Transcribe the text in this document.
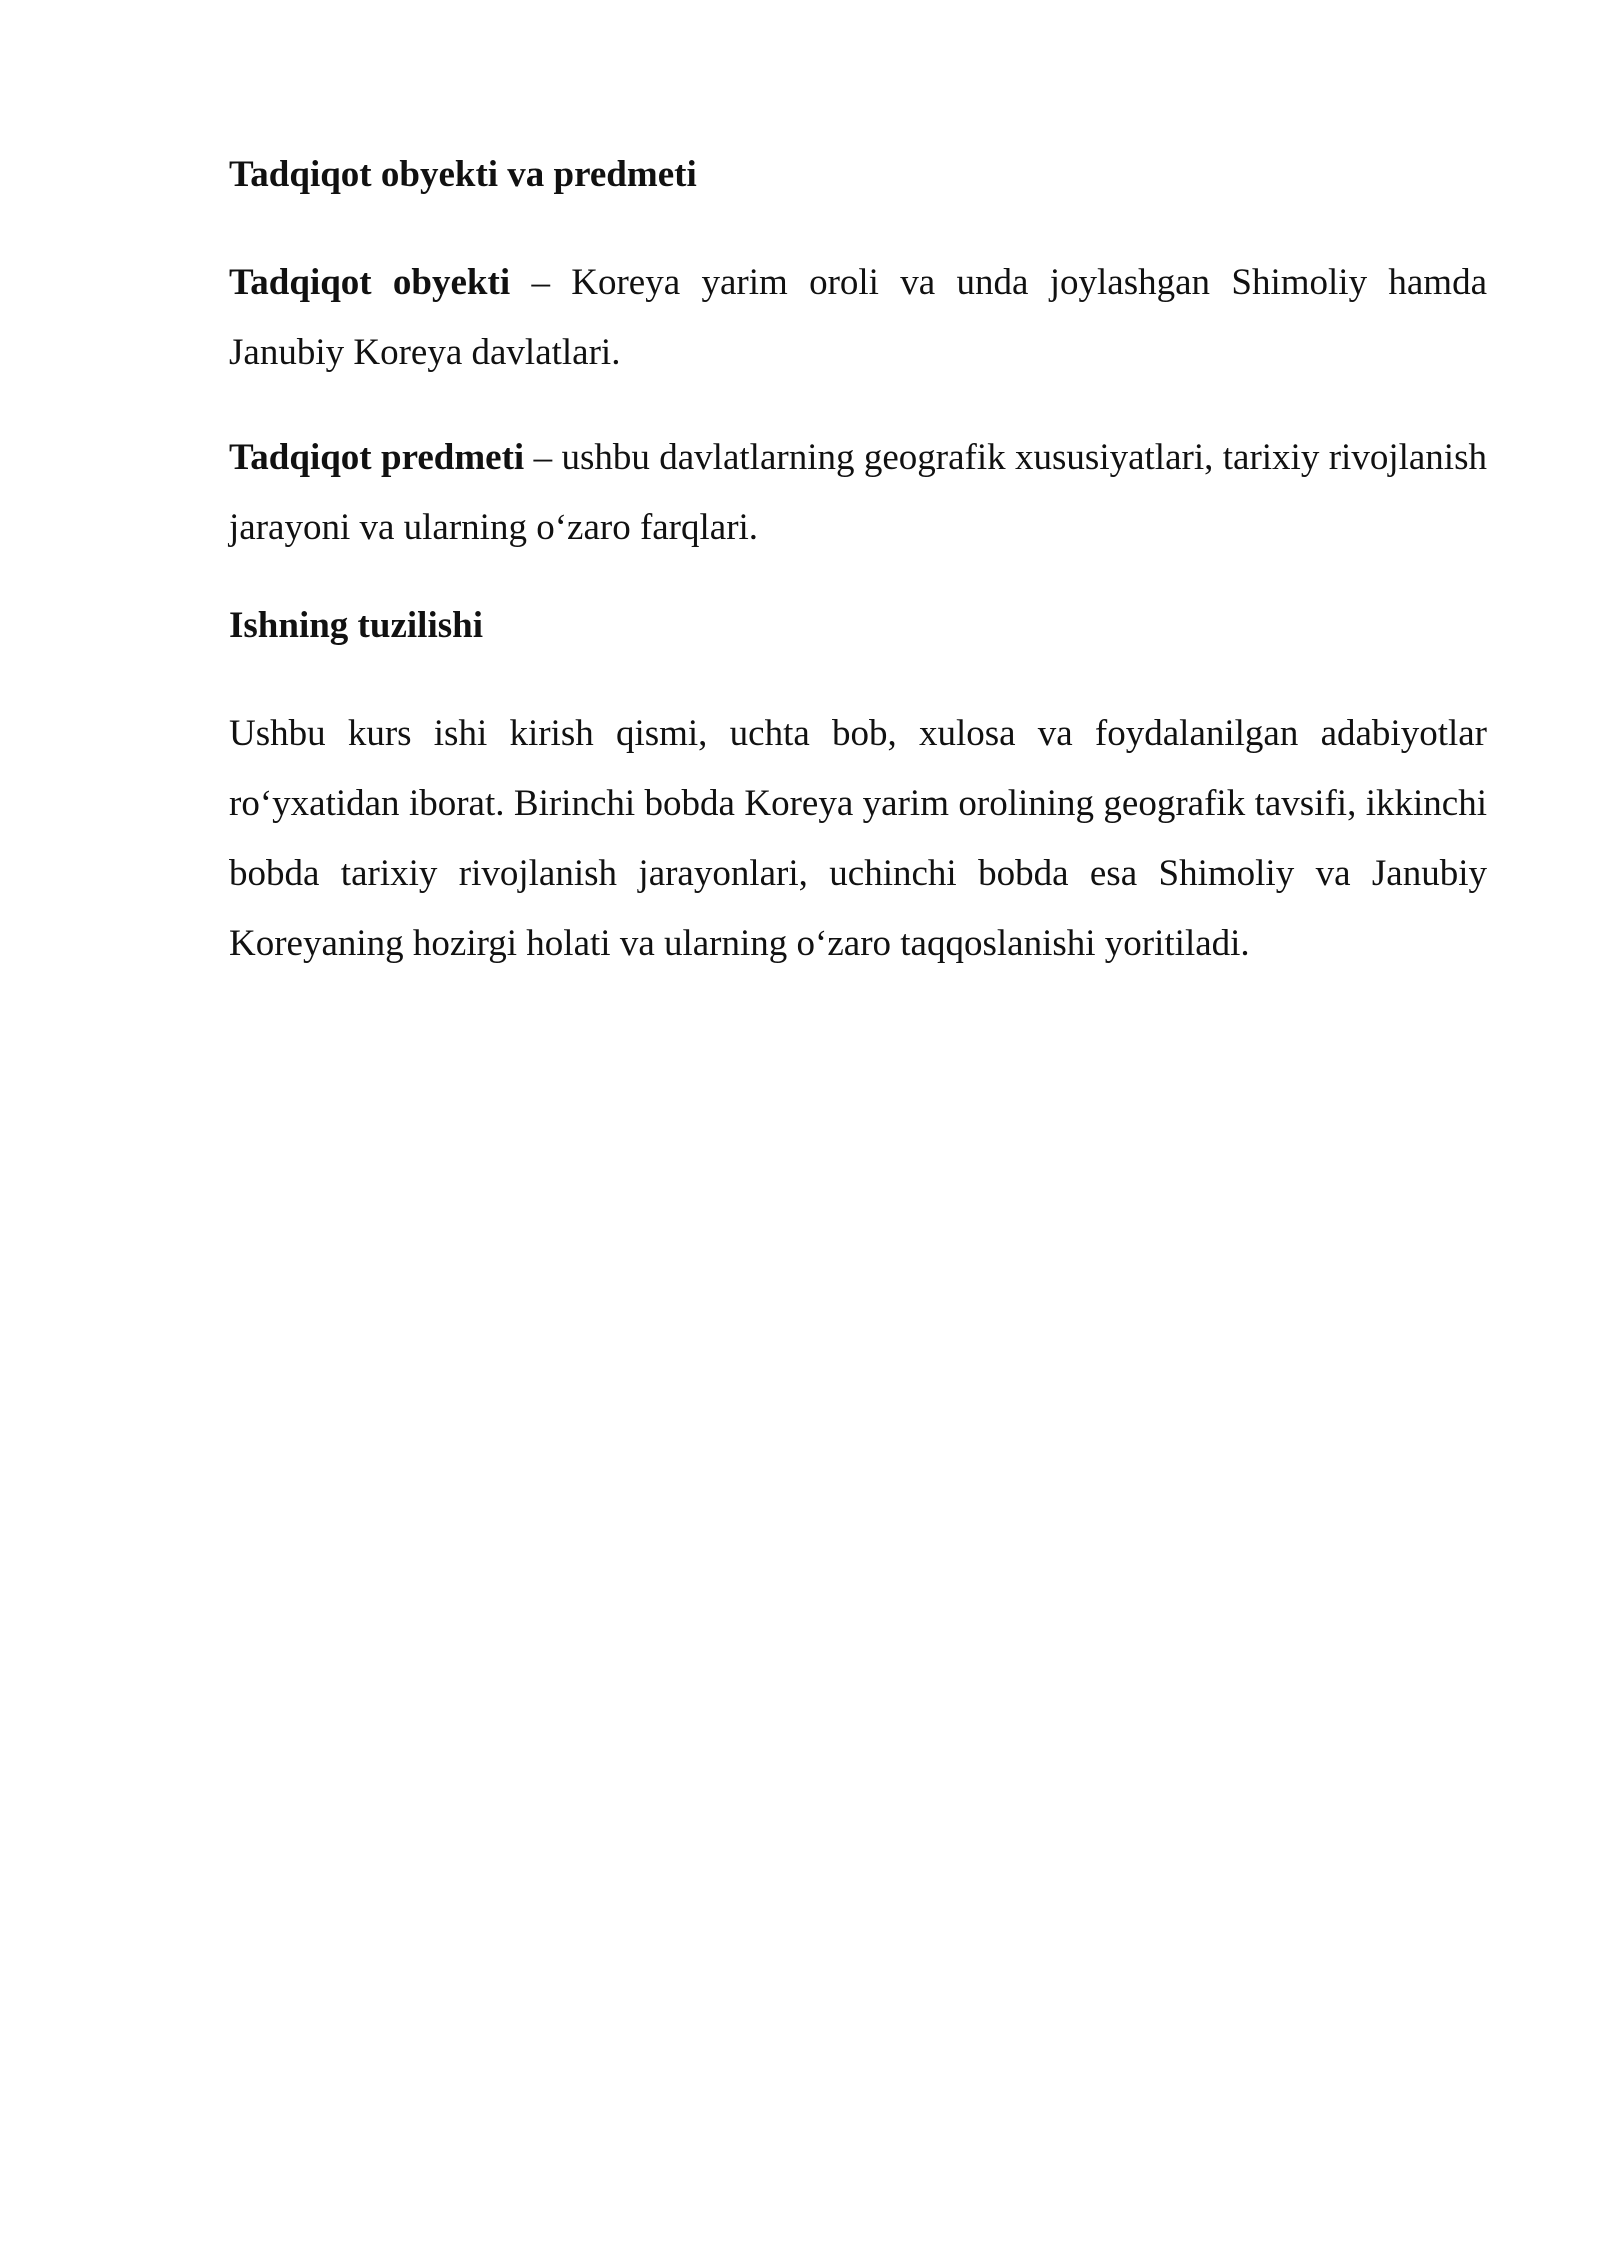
Tadqiqot obyekti va predmeti

Tadqiqot obyekti – Koreya yarim oroli va unda joylashgan Shimoliy hamda Janubiy Koreya davlatlari.

Tadqiqot predmeti – ushbu davlatlarning geografik xususiyatlari, tarixiy rivojlanish jarayoni va ularning o‘zaro farqlari.

Ishning tuzilishi

Ushbu kurs ishi kirish qismi, uchta bob, xulosa va foydalanilgan adabiyotlar ro‘yxatidan iborat. Birinchi bobda Koreya yarim orolining geografik tavsifi, ikkinchi bobda tarixiy rivojlanish jarayonlari, uchinchi bobda esa Shimoliy va Janubiy Koreyaning hozirgi holati va ularning o‘zaro taqqoslanishi yoritiladi.
